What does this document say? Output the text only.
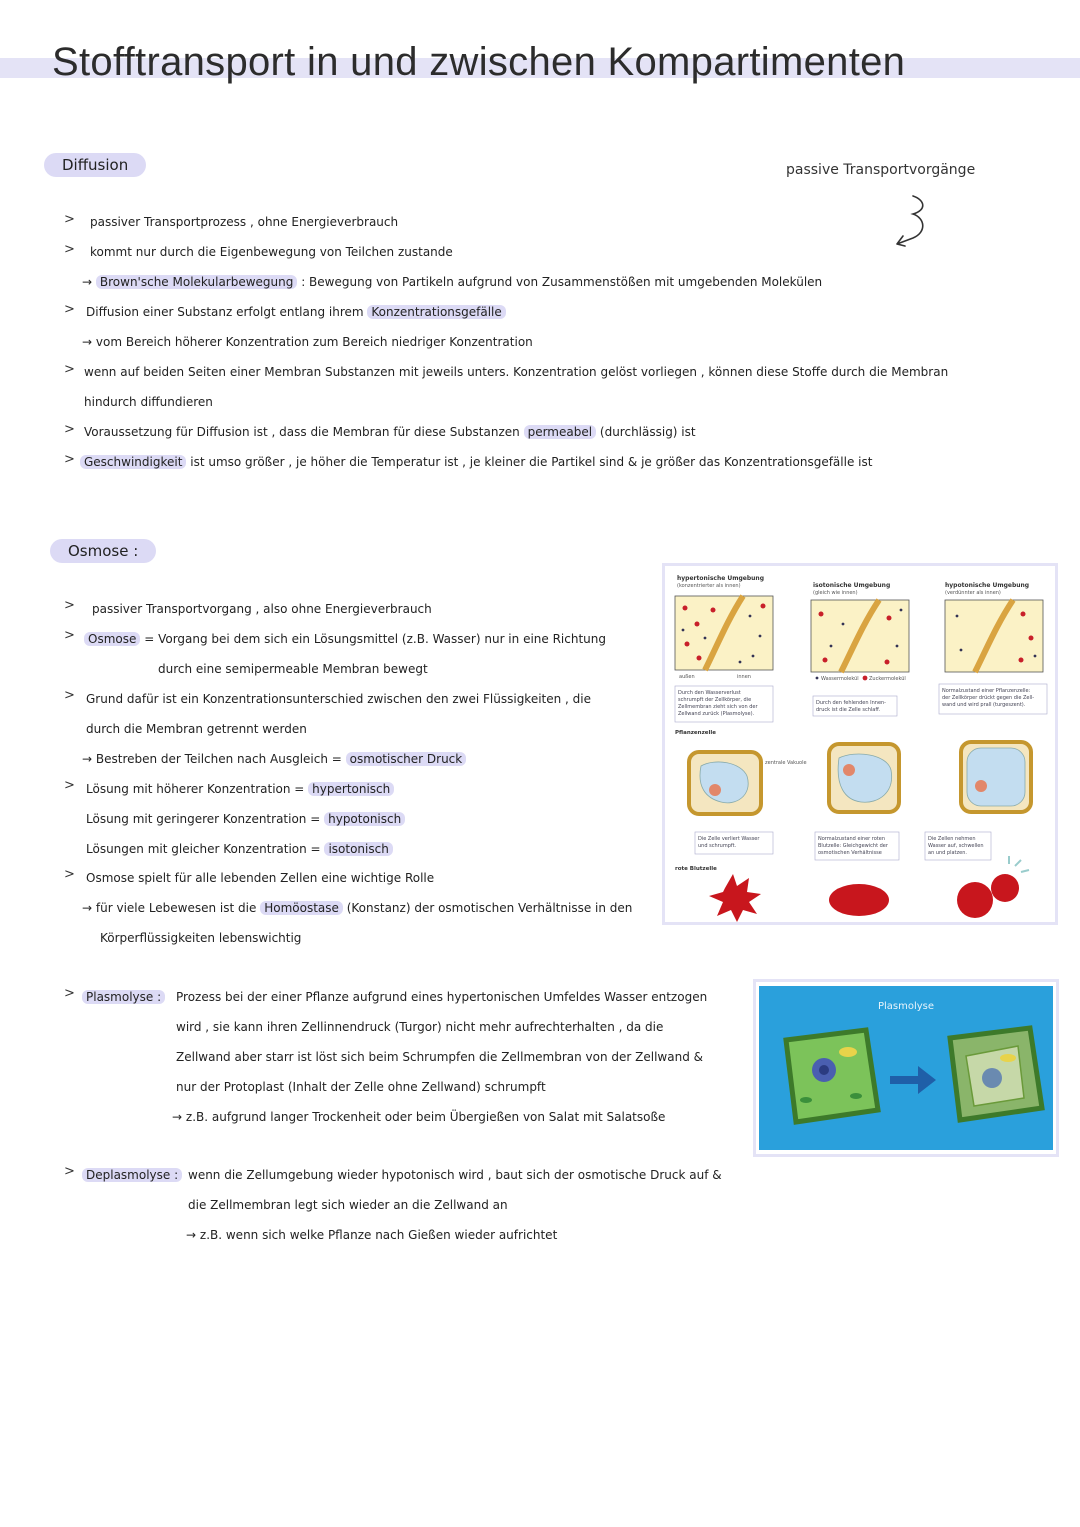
Stofftransport in und zwischen Kompartimenten
passive Transportvorgänge
Diffusion
> passiver Transportprozess , ohne Energieverbrauch
> kommt nur durch die Eigenbewegung von Teilchen zustande
→ Brown'sche Molekularbewegung : Bewegung von Partikeln aufgrund von Zusammenstößen mit umgebenden Molekülen
> Diffusion einer Substanz erfolgt entlang ihrem Konzentrationsgefälle
→ vom Bereich höherer Konzentration zum Bereich niedriger Konzentration
> wenn auf beiden Seiten einer Membran Substanzen mit jeweils unters. Konzentration gelöst vorliegen , können diese Stoffe durch die Membran
hindurch diffundieren
> Voraussetzung für Diffusion ist , dass die Membran für diese Substanzen permeabel (durchlässig) ist
> Geschwindigkeit ist umso größer , je höher die Temperatur ist , je kleiner die Partikel sind & je größer das Konzentrationsgefälle ist
Osmose :
> passiver Transportvorgang , also ohne Energieverbrauch
>	Osmose = Vorgang bei dem sich ein Lösungsmittel (z.B. Wasser) nur in eine Richtung
durch eine semipermeable Membran bewegt
> Grund dafür ist ein Konzentrationsunterschied zwischen den zwei Flüssigkeiten , die
durch die Membran getrennt werden
→ Bestreben der Teilchen nach Ausgleich = osmotischer Druck
> Lösung mit höherer Konzentration = hypertonisch
Lösung mit geringerer Konzentration = hypotonisch
Lösungen mit gleicher Konzentration = isotonisch
> Osmose spielt für alle lebenden Zellen eine wichtige Rolle
→ für viele Lebewesen ist die Homöostase (Konstanz) der osmotischen Verhältnisse in den
Körperflüssigkeiten lebenswichtig
> Plasmolyse :	Prozess bei der einer Pflanze aufgrund eines hypertonischen Umfeldes Wasser entzogen
wird , sie kann ihren Zellinnendruck (Turgor) nicht mehr aufrechterhalten , da die
Zellwand aber starr ist löst sich beim Schrumpfen die Zellmembran von der Zellwand &
nur der Protoplast (Inhalt der Zelle ohne Zellwand) schrumpft
→ z.B. aufgrund langer Trockenheit oder beim Übergießen von Salat mit Salatsoße
> Deplasmolyse : wenn die Zellumgebung wieder hypotonisch wird , baut sich der osmotische Druck auf &
die Zellmembran legt sich wieder an die Zellwand an
→ z.B. wenn sich welke Pflanze nach Gießen wieder aufrichtet
hypertonische Umgebung
(konzentrierter als innen)	isotonische Umgebung
(gleich wie innen)
hypotonische Umgebung
(verdünnter als innen)
außen	innen	Wassermolekül Zuckermolekül
Durch den Wasserverlust schrumpft der Zellkörper, die Zellmembran zieht sich von der Zellwand zurück (Plasmolyse).
Durch den fehlenden Innen- druck ist die Zelle schlaff.
Normalzustand einer Pflanzenzelle: der Zellkörper drückt gegen die Zell- wand und wird prall (turgeszent).
Pflanzenzelle
zentrale Vakuole
Die Zelle verliert Wasser und schrumpft.
Normalzustand einer roten Blutzelle: Gleichgewicht der osmotischen Verhältnisse
Die Zellen nehmen Wasser auf, schwellen an und platzen.
rote Blutzelle
Plasmolyse
